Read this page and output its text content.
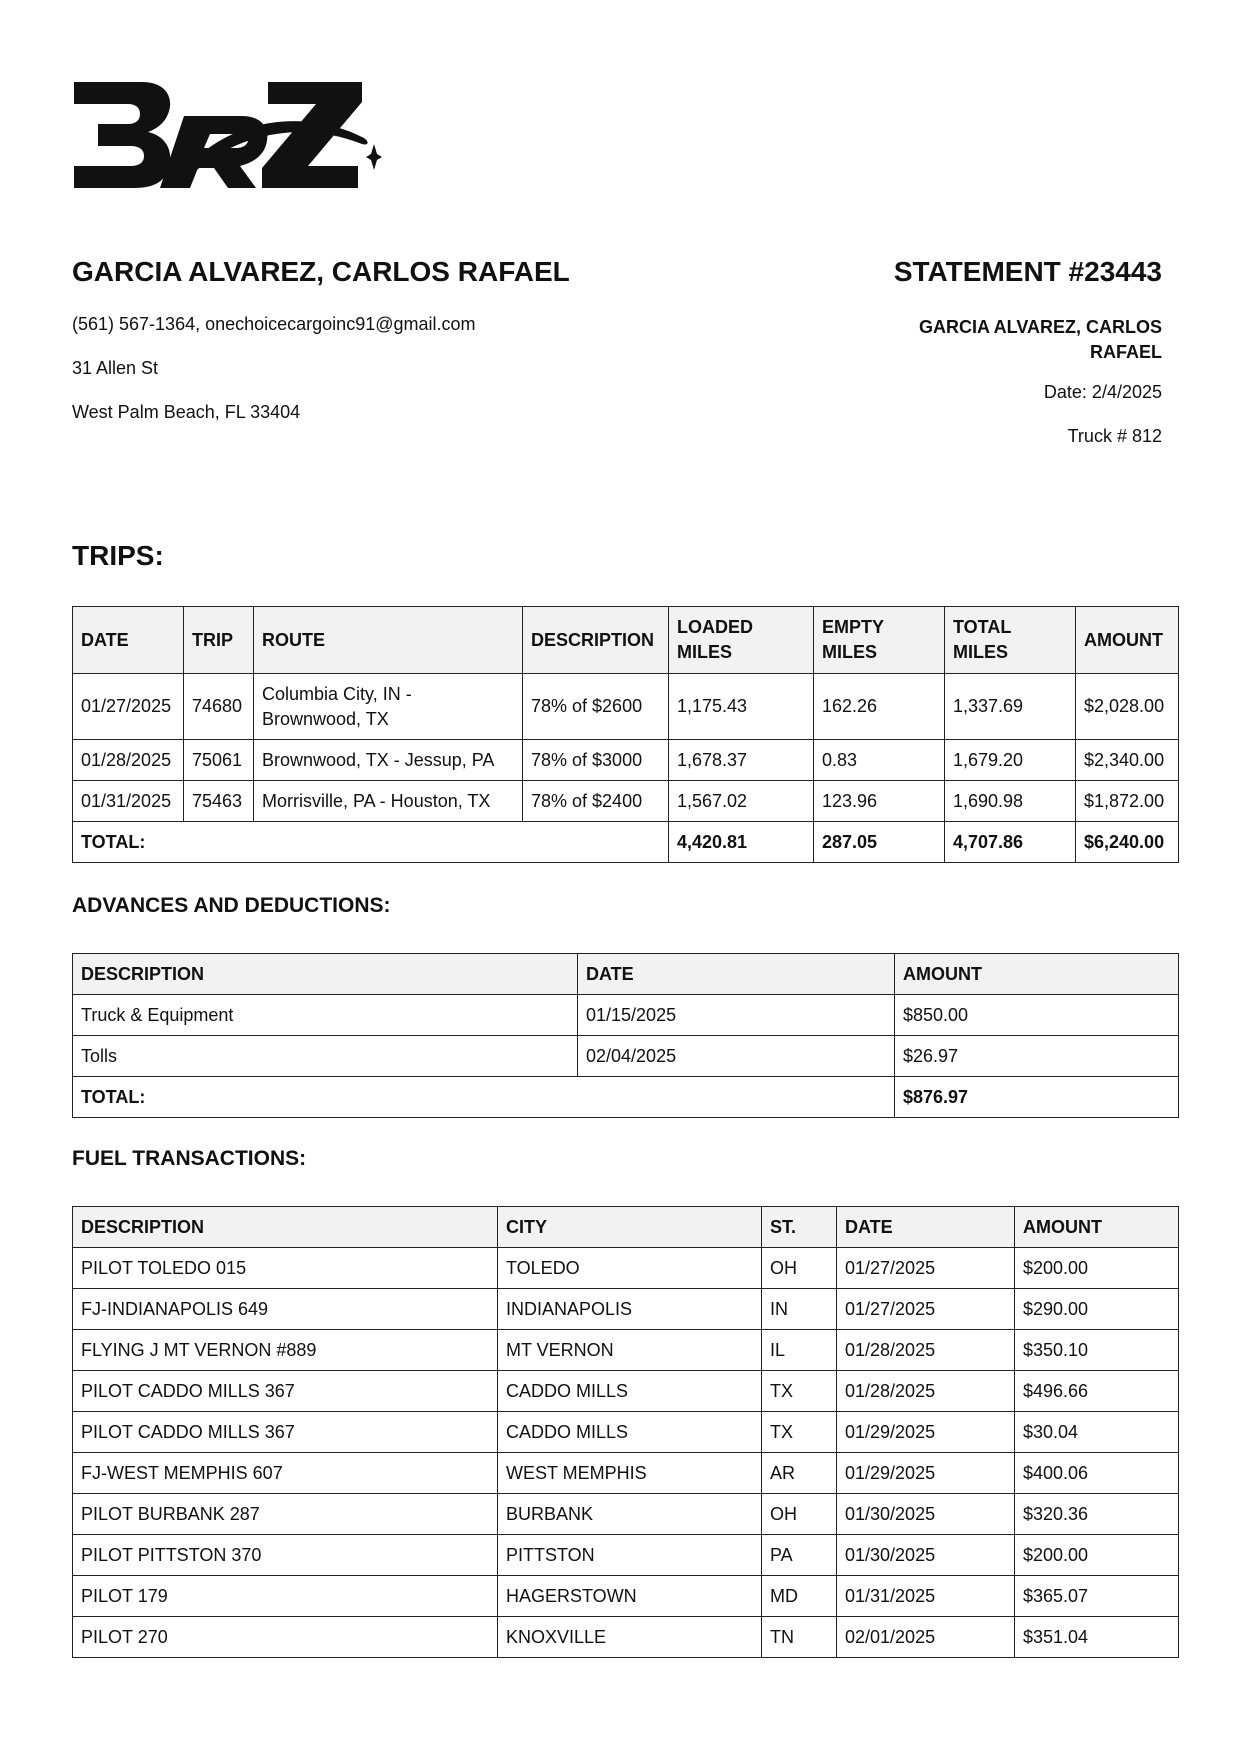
GARCIA ALVAREZ, CARLOS RAFAEL
(561) 567-1364, onechoicecargoinc91@gmail.com
31 Allen St
West Palm Beach, FL 33404
STATEMENT #23443
GARCIA ALVAREZ, CARLOS RAFAEL
Date: 2/4/2025
Truck # 812
TRIPS:
DATE	TRIP	ROUTE	DESCRIPTION	LOADED MILES	EMPTY MILES	TOTAL MILES	AMOUNT
01/27/2025	74680	Columbia City, IN - Brownwood, TX	78% of $2600	1,175.43	162.26	1,337.69	$2,028.00
01/28/2025	75061	Brownwood, TX - Jessup, PA	78% of $3000	1,678.37	0.83	1,679.20	$2,340.00
01/31/2025	75463	Morrisville, PA - Houston, TX	78% of $2400	1,567.02	123.96	1,690.98	$1,872.00
TOTAL:				4,420.81	287.05	4,707.86	$6,240.00
ADVANCES AND DEDUCTIONS:
DESCRIPTION	DATE	AMOUNT
Truck & Equipment	01/15/2025	$850.00
Tolls	02/04/2025	$26.97
TOTAL:		$876.97
FUEL TRANSACTIONS:
DESCRIPTION	CITY	ST.	DATE	AMOUNT
PILOT TOLEDO 015	TOLEDO	OH	01/27/2025	$200.00
FJ-INDIANAPOLIS 649	INDIANAPOLIS	IN	01/27/2025	$290.00
FLYING J MT VERNON #889	MT VERNON	IL	01/28/2025	$350.10
PILOT CADDO MILLS 367	CADDO MILLS	TX	01/28/2025	$496.66
PILOT CADDO MILLS 367	CADDO MILLS	TX	01/29/2025	$30.04
FJ-WEST MEMPHIS 607	WEST MEMPHIS	AR	01/29/2025	$400.06
PILOT BURBANK 287	BURBANK	OH	01/30/2025	$320.36
PILOT PITTSTON 370	PITTSTON	PA	01/30/2025	$200.00
PILOT 179	HAGERSTOWN	MD	01/31/2025	$365.07
PILOT 270	KNOXVILLE	TN	02/01/2025	$351.04
